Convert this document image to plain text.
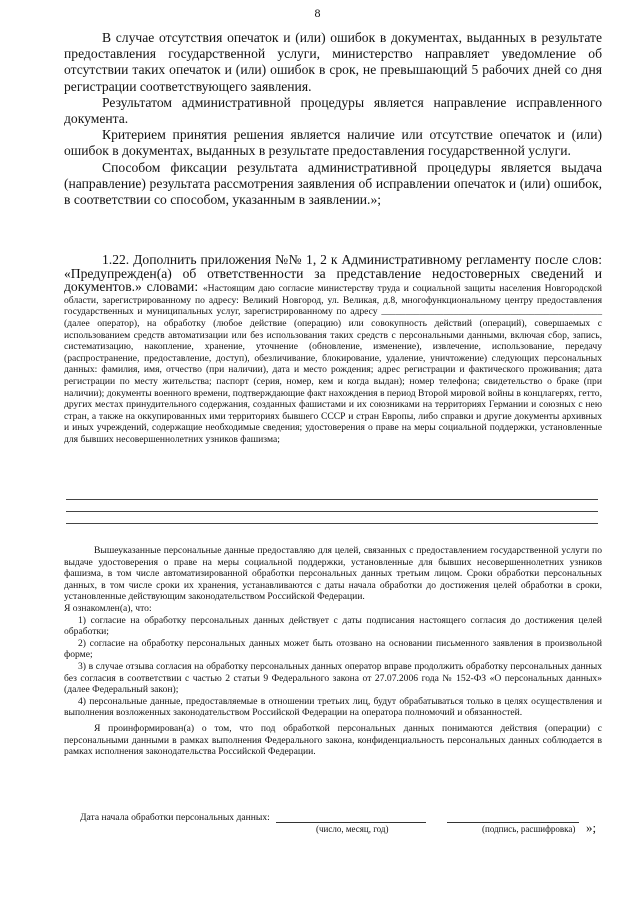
8

В случае отсутствия опечаток и (или) ошибок в документах, выданных в результате предоставления государственной услуги, министерство направляет уведомление об отсутствии таких опечаток и (или) ошибок в срок, не превышающий 5 рабочих дней со дня регистрации соответствующего заявления.

Результатом административной процедуры является направление исправленного документа.

Критерием принятия решения является наличие или отсутствие опечаток и (или) ошибок в документах, выданных в результате предоставления государственной услуги.

Способом фиксации результата административной процедуры является выдача (направление) результата рассмотрения заявления об исправлении опечаток и (или) ошибок, в соответствии со способом, указанным в заявлении.»;

1.22. Дополнить приложения №№ 1, 2 к Административному регламенту после слов: «Предупрежден(а) об ответственности за представление недостоверных сведений и документов.» словами: «Настоящим даю согласие министерству труда и социальной защиты населения Новгородской области, зарегистрированному по адресу: Великий Новгород, ул. Великая, д.8, многофункциональному центру предоставления государственных и муниципальных услуг, зарегистрированному по адресу ______________________________________________ (далее оператор), на обработку (любое действие (операцию) или совокупность действий (операций), совершаемых с использованием средств автоматизации или без использования таких средств с персональными данными, включая сбор, запись, систематизацию, накопление, хранение, уточнение (обновление, изменение), извлечение, использование, передачу (распространение, предоставление, доступ), обезличивание, блокирование, удаление, уничтожение) следующих персональных данных: фамилия, имя, отчество (при наличии), дата и место рождения; адрес регистрации и фактического проживания; дата регистрации по месту жительства; паспорт (серия, номер, кем и когда выдан); номер телефона; свидетельство о браке (при наличии); документы военного времени, подтверждающие факт нахождения в период Второй мировой войны в концлагерях, гетто, других местах принудительного содержания, созданных фашистами и их союзниками на территориях Германии и союзных с нею стран, а также на оккупированных ими территориях бывшего СССР и стран Европы, либо справки и другие документы архивных и иных учреждений, содержащие необходимые сведения; удостоверения о праве на меры социальной поддержки, установленные для бывших несовершеннолетних узников фашизма;

Вышеуказанные персональные данные предоставляю для целей, связанных с предоставлением государственной услуги по выдаче удостоверения о праве на меры социальной поддержки, установленные для бывших несовершеннолетних узников фашизма, в том числе автоматизированной обработки персональных данных третьим лицом. Сроки обработки персональных данных, в том числе сроки их хранения, устанавливаются с даты начала обработки до достижения целей обработки в сроки, установленные действующим законодательством Российской Федерации.

Я ознакомлен(а), что:

1) согласие на обработку персональных данных действует с даты подписания настоящего согласия до достижения целей обработки;

2) согласие на обработку персональных данных может быть отозвано на основании письменного заявления в произвольной форме;

3) в случае отзыва согласия на обработку персональных данных оператор вправе продолжить обработку персональных данных без согласия в соответствии с частью 2 статьи 9 Федерального закона от 27.07.2006 года № 152-ФЗ «О персональных данных» (далее Федеральный закон);

4) персональные данные, предоставляемые в отношении третьих лиц, будут обрабатываться только в целях осуществления и выполнения возложенных законодательством Российской Федерации на оператора полномочий и обязанностей.

Я проинформирован(а) о том, что под обработкой персональных данных понимаются действия (операции) с персональными данными в рамках выполнения Федерального закона, конфиденциальность персональных данных соблюдается в рамках исполнения законодательства Российской Федерации.

Дата начала обработки персональных данных:
(число, месяц, год)	(подпись, расшифровка) »;
